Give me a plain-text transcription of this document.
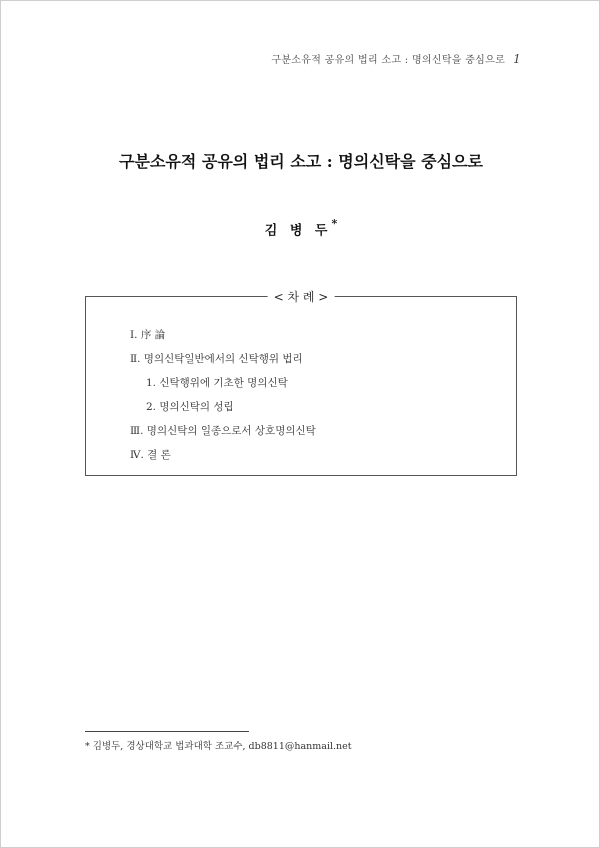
구분소유적 공유의 법리 소고 : 명의신탁을 중심으로 1
구분소유적 공유의 법리 소고 : 명의신탁을 중심으로
김 병 두*
< 차 례 >
Ⅰ. 序 論
Ⅱ. 명의신탁일반에서의 신탁행위 법리
1. 신탁행위에 기초한 명의신탁
2. 명의신탁의 성립
Ⅲ. 명의신탁의 일종으로서 상호명의신탁
Ⅳ. 결 론
* 김병두, 경상대학교 법과대학 조교수, db8811@hanmail.net
